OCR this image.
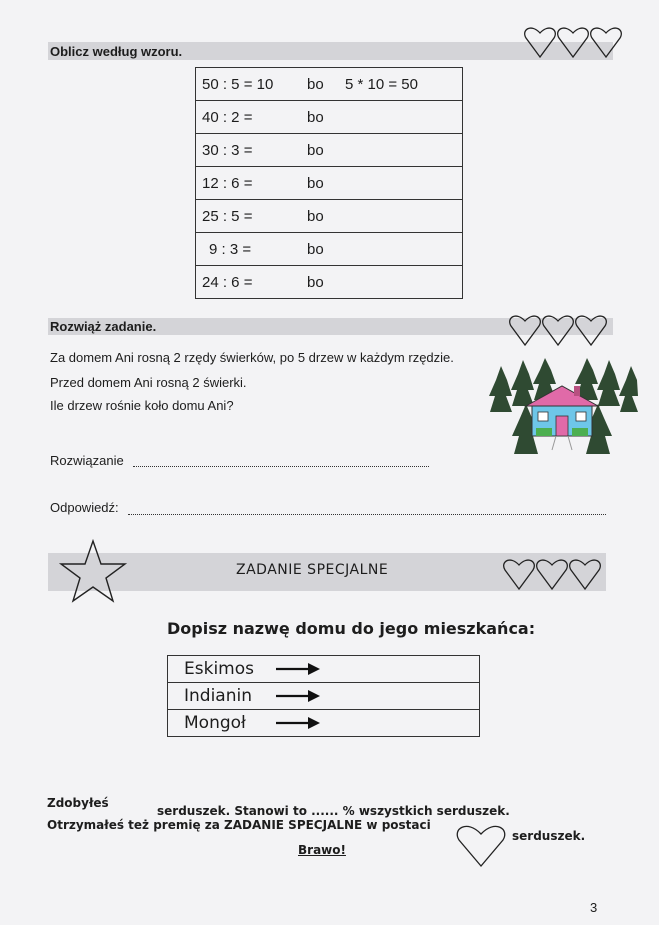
Oblicz według wzoru.
50 : 5 = 10 bo 5 * 10 = 50
40 : 2 =	bo
30 : 3 =	bo
12 : 6 =	bo
25 : 5 =	bo
9 : 3 =	bo
24 : 6 =	bo
Rozwiąż zadanie.
Za domem Ani rosną 2 rzędy świerków, po 5 drzew w każdym rzędzie.
Przed domem Ani rosną 2 świerki.
Ile drzew rośnie koło domu Ani?
Rozwiązanie
Odpowiedź:
ZADANIE SPECJALNE
Dopisz nazwę domu do jego mieszkańca:
Eskimos
Indianin
Mongoł
Zdobyłeś
serduszek. Stanowi to ...... % wszystkich serduszek.
Otrzymałeś też premię za ZADANIE SPECJALNE w postaci
serduszek.
Brawo!
3
